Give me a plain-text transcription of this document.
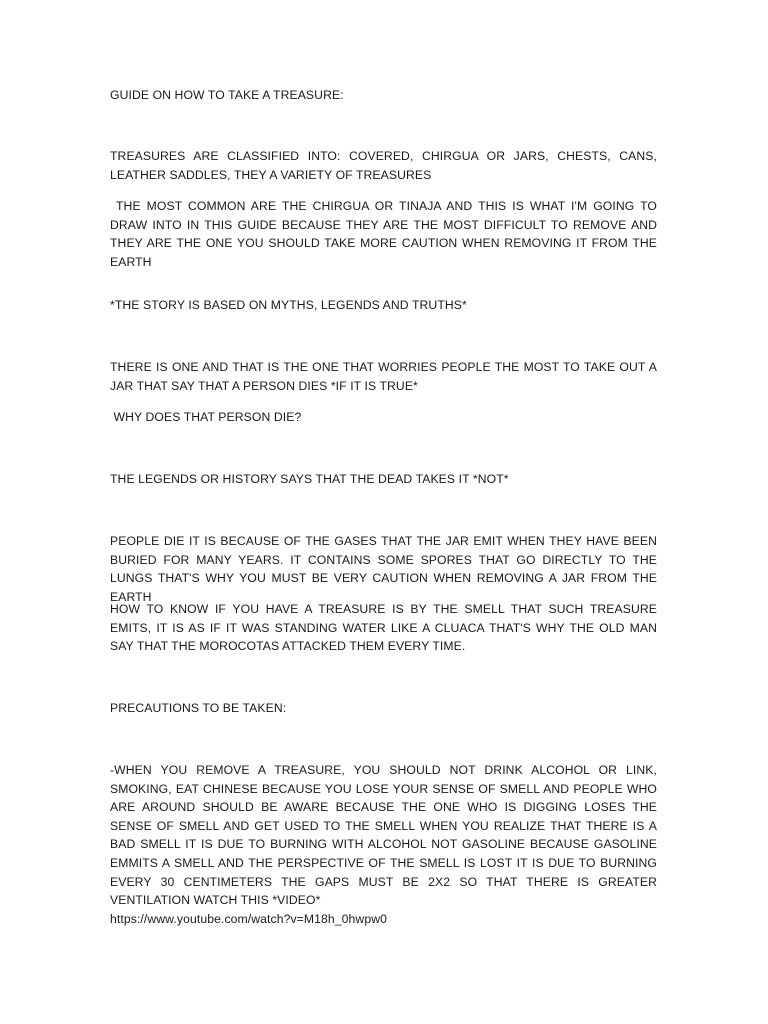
GUIDE ON HOW TO TAKE A TREASURE:

TREASURES ARE CLASSIFIED INTO: COVERED, CHIRGUA OR JARS, CHESTS, CANS, LEATHER SADDLES, THEY A VARIETY OF TREASURES

THE MOST COMMON ARE THE CHIRGUA OR TINAJA AND THIS IS WHAT I'M GOING TO DRAW INTO IN THIS GUIDE BECAUSE THEY ARE THE MOST DIFFICULT TO REMOVE AND THEY ARE THE ONE YOU SHOULD TAKE MORE CAUTION WHEN REMOVING IT FROM THE EARTH

*THE STORY IS BASED ON MYTHS, LEGENDS AND TRUTHS*

THERE IS ONE AND THAT IS THE ONE THAT WORRIES PEOPLE THE MOST TO TAKE OUT A JAR THAT SAY THAT A PERSON DIES *IF IT IS TRUE*

WHY DOES THAT PERSON DIE?

THE LEGENDS OR HISTORY SAYS THAT THE DEAD TAKES IT *NOT*

PEOPLE DIE IT IS BECAUSE OF THE GASES THAT THE JAR EMIT WHEN THEY HAVE BEEN BURIED FOR MANY YEARS. IT CONTAINS SOME SPORES THAT GO DIRECTLY TO THE LUNGS THAT'S WHY YOU MUST BE VERY CAUTION WHEN REMOVING A JAR FROM THE EARTH

HOW TO KNOW IF YOU HAVE A TREASURE IS BY THE SMELL THAT SUCH TREASURE EMITS, IT IS AS IF IT WAS STANDING WATER LIKE A CLUACA THAT'S WHY THE OLD MAN SAY THAT THE MOROCOTAS ATTACKED THEM EVERY TIME.

PRECAUTIONS TO BE TAKEN:

-WHEN YOU REMOVE A TREASURE, YOU SHOULD NOT DRINK ALCOHOL OR LINK, SMOKING, EAT CHINESE BECAUSE YOU LOSE YOUR SENSE OF SMELL AND PEOPLE WHO ARE AROUND SHOULD BE AWARE BECAUSE THE ONE WHO IS DIGGING LOSES THE SENSE OF SMELL AND GET USED TO THE SMELL WHEN YOU REALIZE THAT THERE IS A BAD SMELL IT IS DUE TO BURNING WITH ALCOHOL NOT GASOLINE BECAUSE GASOLINE EMMITS A SMELL AND THE PERSPECTIVE OF THE SMELL IS LOST IT IS DUE TO BURNING EVERY 30 CENTIMETERS THE GAPS MUST BE 2X2 SO THAT THERE IS GREATER VENTILATION WATCH THIS *VIDEO*
https://www.youtube.com/watch?v=M18h_0hwpw0
